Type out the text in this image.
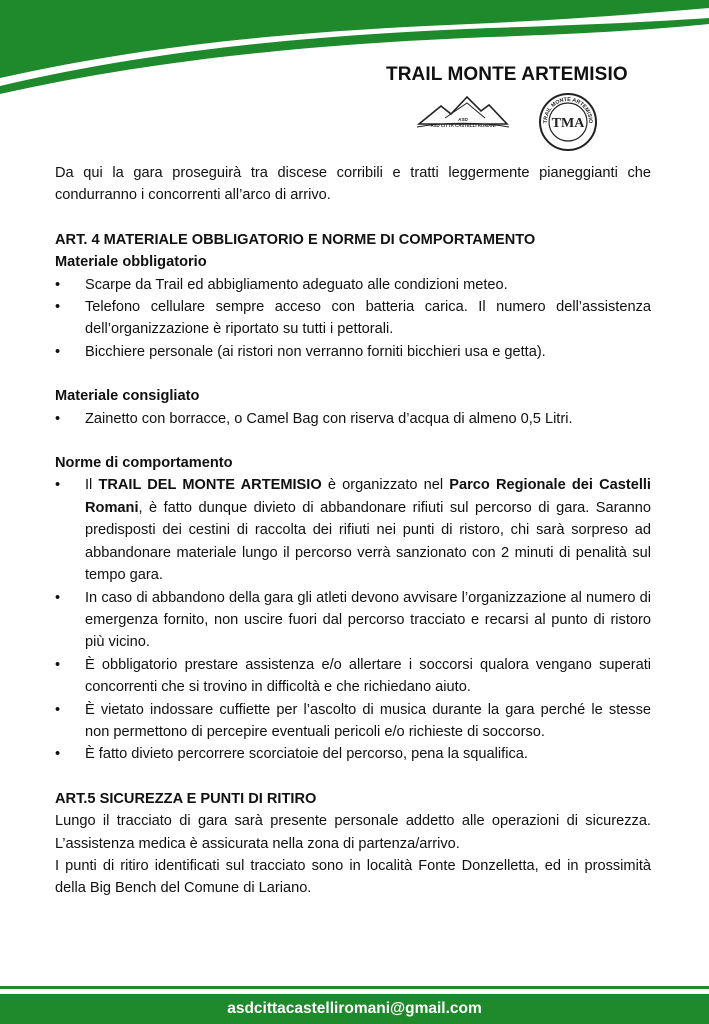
TRAIL MONTE ARTEMISIO
ASD
ASD CITTÀ CASTELLI ROMANI
TRAIL MONTE ARTEMISIO
TMA

Da qui la gara proseguirà tra discese corribili e tratti leggermente pianeggianti che condurranno i concorrenti all’arco di arrivo.

ART. 4 MATERIALE OBBLIGATORIO E NORME DI COMPORTAMENTO

Materiale obbligatorio

• Scarpe da Trail ed abbigliamento adeguato alle condizioni meteo.
• Telefono cellulare sempre acceso con batteria carica. Il numero dell’assistenza dell’organizzazione è riportato su tutti i pettorali.
• Bicchiere personale (ai ristori non verranno forniti bicchieri usa e getta).

Materiale consigliato

• Zainetto con borracce, o Camel Bag con riserva d’acqua di almeno 0,5 Litri.

Norme di comportamento

• Il TRAIL DEL MONTE ARTEMISIO è organizzato nel Parco Regionale dei Castelli Romani, è fatto dunque divieto di abbandonare rifiuti sul percorso di gara. Saranno predisposti dei cestini di raccolta dei rifiuti nei punti di ristoro, chi sarà sorpreso ad abbandonare materiale lungo il percorso verrà sanzionato con 2 minuti di penalità sul tempo gara.
• In caso di abbandono della gara gli atleti devono avvisare l’organizzazione al numero di emergenza fornito, non uscire fuori dal percorso tracciato e recarsi al punto di ristoro più vicino.
• È obbligatorio prestare assistenza e/o allertare i soccorsi qualora vengano superati concorrenti che si trovino in difficoltà e che richiedano aiuto.
• È vietato indossare cuffiette per l’ascolto di musica durante la gara perché le stesse non permettono di percepire eventuali pericoli e/o richieste di soccorso.
• È fatto divieto percorrere scorciatoie del percorso, pena la squalifica.

ART.5 SICUREZZA E PUNTI DI RITIRO

Lungo il tracciato di gara sarà presente personale addetto alle operazioni di sicurezza. L’assistenza medica è assicurata nella zona di partenza/arrivo.

I punti di ritiro identificati sul tracciato sono in località Fonte Donzelletta, ed in prossimità della Big Bench del Comune di Lariano.

asdcittacastelliromani@gmail.com
